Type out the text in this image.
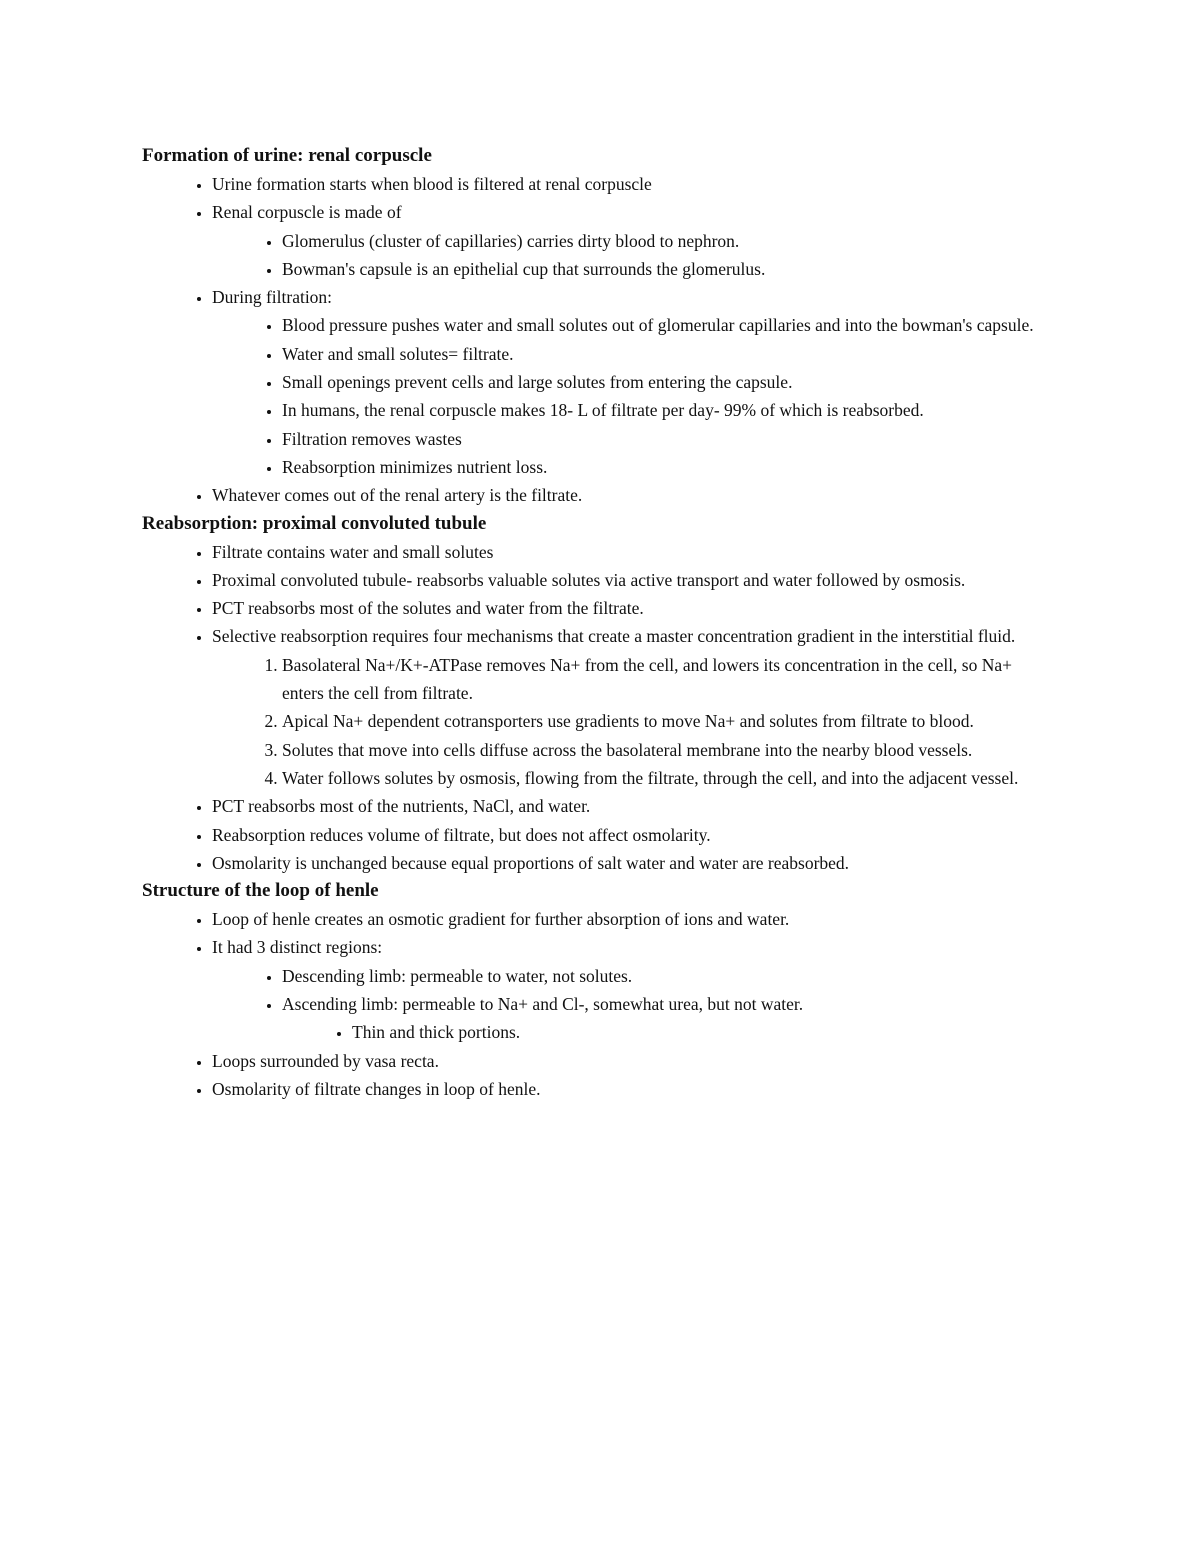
Formation of urine: renal corpuscle

• Urine formation starts when blood is filtered at renal corpuscle
• Renal corpuscle is made of
• Glomerulus (cluster of capillaries) carries dirty blood to nephron.
• Bowman's capsule is an epithelial cup that surrounds the glomerulus.
• During filtration:
• Blood pressure pushes water and small solutes out of glomerular capillaries and into the bowman's capsule.
• Water and small solutes= filtrate.
• Small openings prevent cells and large solutes from entering the capsule.
• In humans, the renal corpuscle makes 18- L of filtrate per day- 99% of which is reabsorbed.
• Filtration removes wastes
• Reabsorption minimizes nutrient loss.
• Whatever comes out of the renal artery is the filtrate.

Reabsorption: proximal convoluted tubule

• Filtrate contains water and small solutes
• Proximal convoluted tubule- reabsorbs valuable solutes via active transport and water followed by osmosis.
• PCT reabsorbs most of the solutes and water from the filtrate.
• Selective reabsorption requires four mechanisms that create a master concentration gradient in the interstitial fluid.
1. Basolateral Na+/K+-ATPase removes Na+ from the cell, and lowers its concentration in the cell, so Na+ enters the cell from filtrate.
2. Apical Na+ dependent cotransporters use gradients to move Na+ and solutes from filtrate to blood.
3. Solutes that move into cells diffuse across the basolateral membrane into the nearby blood vessels.
4. Water follows solutes by osmosis, flowing from the filtrate, through the cell, and into the adjacent vessel.
• PCT reabsorbs most of the nutrients, NaCl, and water.
• Reabsorption reduces volume of filtrate, but does not affect osmolarity.
• Osmolarity is unchanged because equal proportions of salt water and water are reabsorbed.

Structure of the loop of henle

• Loop of henle creates an osmotic gradient for further absorption of ions and water.
• It had 3 distinct regions:
• Descending limb: permeable to water, not solutes.
• Ascending limb: permeable to Na+ and Cl-, somewhat urea, but not water.
• Thin and thick portions.
• Loops surrounded by vasa recta.
• Osmolarity of filtrate changes in loop of henle.
